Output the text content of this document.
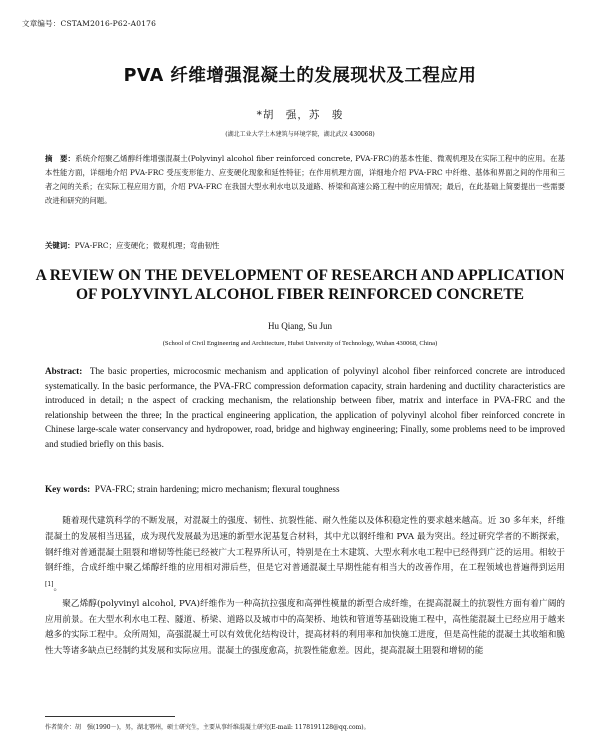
文章编号：CSTAM2016-P62-A0176
PVA 纤维增强混凝土的发展现状及工程应用
*胡　强，苏　骏
(湖北工业大学土木建筑与环境学院，湖北武汉 430068)
摘　要：系统介绍聚乙烯醇纤维增强混凝土(Polyvinyl alcohol fiber reinforced concrete, PVA-FRC)的基本性能、微观机理及在实际工程中的应用。在基本性能方面，详细地介绍 PVA-FRC 受压变形能力、应变硬化现象和延性特征；在作用机理方面，详细地介绍 PVA-FRC 中纤维、基体和界面之间的作用和三者之间的关系；在实际工程应用方面，介绍 PVA-FRC 在我国大型水利水电以及道路、桥梁和高速公路工程中的应用情况；最后，在此基础上简要提出一些需要改进和研究的问题。
关键词：PVA-FRC；应变硬化；微观机理；弯曲韧性
A REVIEW ON THE DEVELOPMENT OF RESEARCH AND APPLICATION
OF POLYVINYL ALCOHOL FIBER REINFORCED CONCRETE
Hu Qiang, Su Jun
(School of Civil Engineering and Architecture, Hubei University of Technology, Wuhan 430068, China)
Abstract: The basic properties, microcosmic mechanism and application of polyvinyl alcohol fiber reinforced concrete are introduced systematically. In the basic performance, the PVA-FRC compression deformation capacity, strain hardening and ductility characteristics are introduced in detail; n the aspect of cracking mechanism, the relationship between fiber, matrix and interface in PVA-FRC and the relationship between the three; In the practical engineering application, the application of polyvinyl alcohol fiber reinforced concrete in Chinese large-scale water conservancy and hydropower, road, bridge and highway engineering; Finally, some problems need to be improved and studied briefly on this basis.
Key words: PVA-FRC; strain hardening; micro mechanism; flexural toughness

随着现代建筑科学的不断发展，对混凝土的强度、韧性、抗裂性能、耐久性能以及体积稳定性的要求越来越高。近 30 多年来，纤维混凝土的发展相当迅猛，成为现代发展最为迅速的新型水泥基复合材料，其中尤以钢纤维和 PVA 最为突出。经过研究学者的不断探索，钢纤维对普通混凝土阻裂和增韧等性能已经被广大工程界所认可，特别是在土木建筑、大型水利水电工程中已经得到广泛的运用。相较于钢纤维，合成纤维中聚乙烯醇纤维的应用相对滞后些，但是它对普通混凝土早期性能有相当大的改善作用，在工程领域也普遍得到运用[1]。

聚乙烯醇(polyvinyl alcohol, PVA)纤维作为一种高抗拉强度和高弹性模量的新型合成纤维，在提高混凝土的抗裂性方面有着广阔的应用前景。在大型水利水电工程、隧道、桥梁、道路以及城市中的高架桥、地铁和管道等基础设施工程中，高性能混凝土已经应用于越来越多的实际工程中。众所周知，高强混凝土可以有效优化结构设计，提高材料的利用率和加快施工进度，但是高性能的混凝土其收缩和脆性大等诸多缺点已经制约其发展和实际应用。混凝土的强度愈高，抗裂性能愈差。因此，提高混凝土阻裂和增韧的能

作者简介：胡　强(1990－)，男，湖北鄂州，硕士研究生，主要从事纤维混凝土研究(E-mail: 1178191128@qq.com)。
